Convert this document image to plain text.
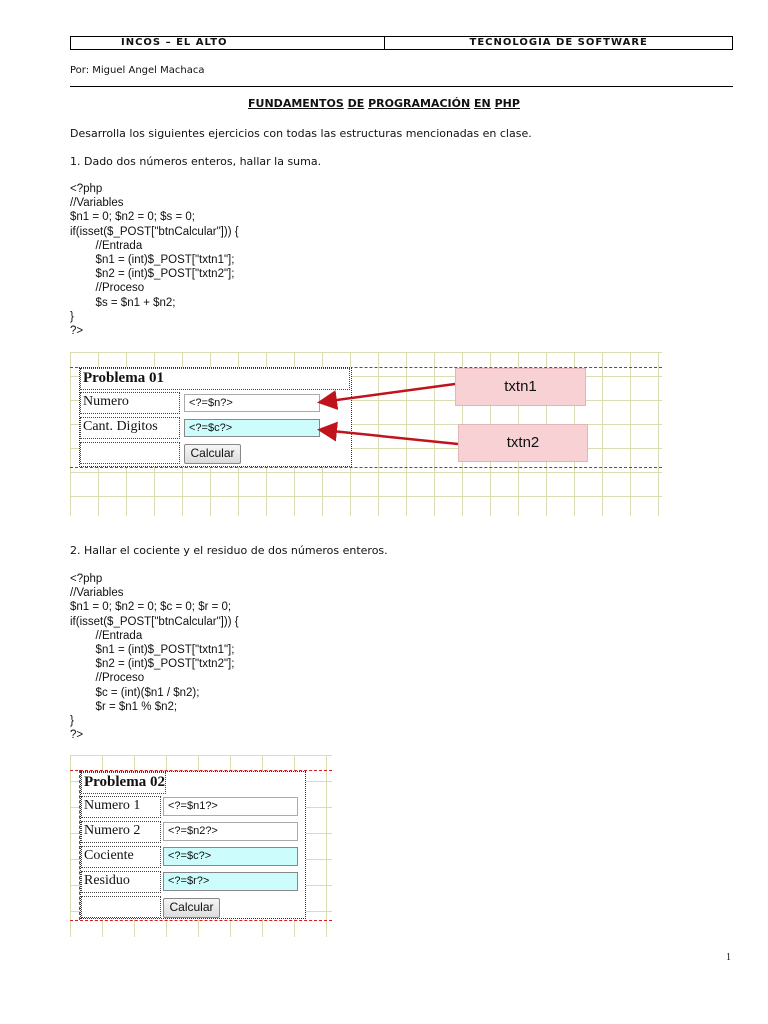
INCOS – EL ALTO	TECNOLOGÍA DE SOFTWARE
Por: Miguel Angel Machaca
FUNDAMENTOS DE PROGRAMACIÓN EN PHP
Desarrolla los siguientes ejercicios con todas las estructuras mencionadas en clase.
1. Dado dos números enteros, hallar la suma.
<?php
//Variables
$n1 = 0; $n2 = 0; $s = 0;
if(isset($_POST["btnCalcular"])) {
//Entrada
$n1 = (int)$_POST["txtn1"];
$n2 = (int)$_POST["txtn2"];
//Proceso
$s = $n1 + $n2;
}
?>
Problema 01
Numero
Cant. Digitos
<?=$n?>
<?=$c?>
Calcular
txtn1
txtn2
2. Hallar el cociente y el residuo de dos números enteros.
<?php
//Variables
$n1 = 0; $n2 = 0; $c = 0; $r = 0;
if(isset($_POST["btnCalcular"])) {
//Entrada
$n1 = (int)$_POST["txtn1"];
$n2 = (int)$_POST["txtn2"];
//Proceso
$c = (int)($n1 / $n2);
$r = $n1 % $n2;
}
?>
Problema 02
Numero 1
Numero 2
Cociente
Residuo
<?=$n1?>
<?=$n2?>
<?=$c?>
<?=$r?>
Calcular
1
